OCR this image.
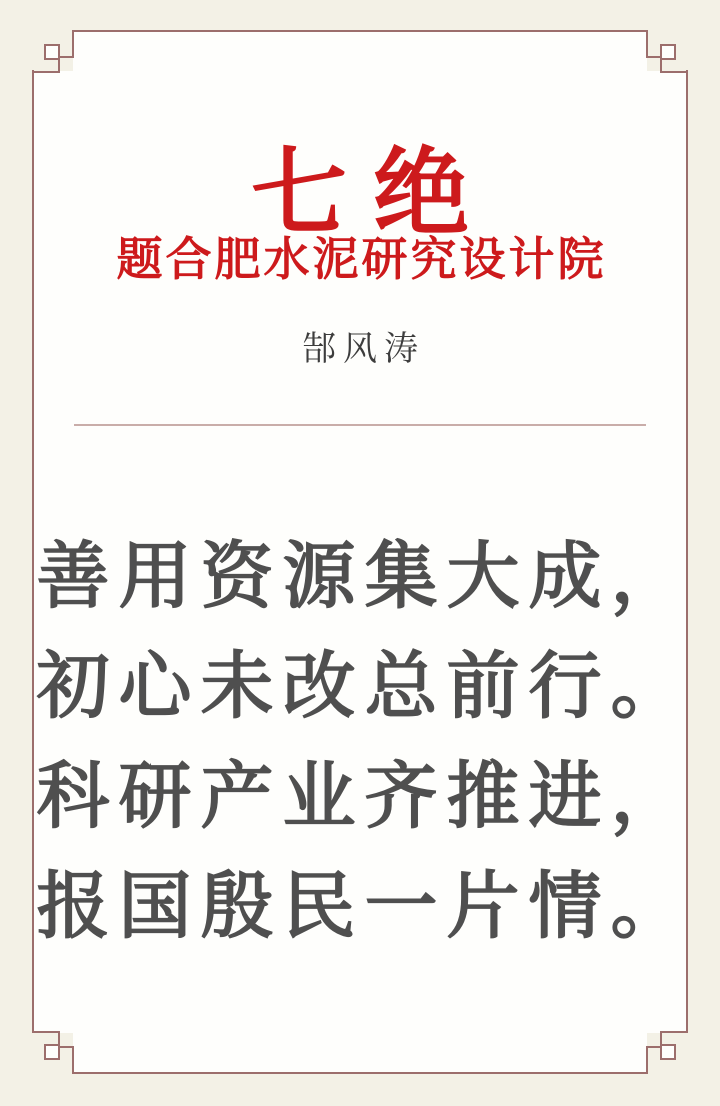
七绝
题合肥水泥研究设计院
郜风涛
善用资源集大成，
初心未改总前行。
科研产业齐推进，
报国殷民一片情。
